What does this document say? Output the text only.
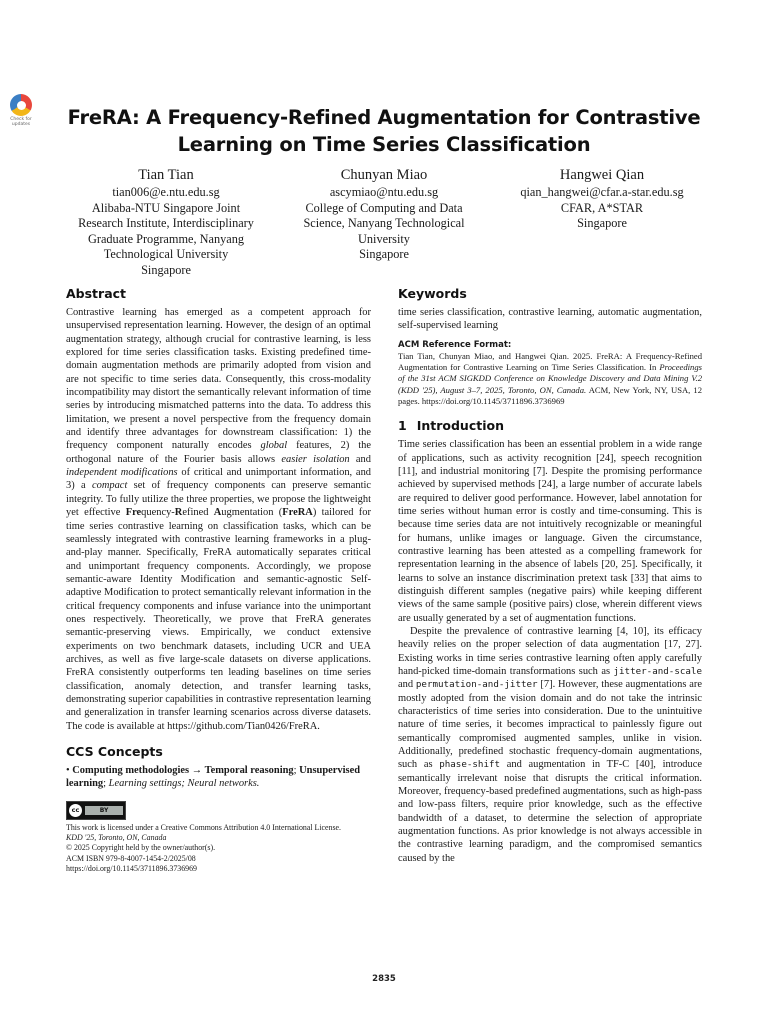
Check for
updates	FreRA: A Frequency-Refined Augmentation for Contrastive
Learning on Time Series Classification
Tian Tian
tian006@e.ntu.edu.sg
Alibaba-NTU Singapore Joint
Research Institute, Interdisciplinary
Graduate Programme, Nanyang
Technological University
Singapore
Chunyan Miao
ascymiao@ntu.edu.sg
College of Computing and Data
Science, Nanyang Technological
University
Singapore
Hangwei Qian
qian_hangwei@cfar.a-star.edu.sg
CFAR, A*STAR
Singapore
Abstract

Contrastive learning has emerged as a competent approach for unsupervised representation learning. However, the design of an optimal augmentation strategy, although crucial for contrastive learning, is less explored for time series classification tasks. Existing predefined time-domain augmentation methods are primarily adopted from vision and are not specific to time series data. Consequently, this cross-modality incompatibility may distort the semantically relevant information of time series by introducing mismatched patterns into the data. To address this limitation, we present a novel perspective from the frequency domain and identify three advantages for downstream classification: 1) the frequency component naturally encodes global features, 2) the orthogonal nature of the Fourier basis allows easier isolation and independent modifications of critical and unimportant information, and 3) a compact set of frequency components can preserve semantic integrity. To fully utilize the three properties, we propose the lightweight yet effective Frequency-Refined Augmentation (FreRA) tailored for time series contrastive learning on classification tasks, which can be seamlessly integrated with contrastive learning frameworks in a plug-and-play manner. Specifically, FreRA automatically separates critical and unimportant frequency components. Accordingly, we propose semantic-aware Identity Modification and semantic-agnostic Self-adaptive Modification to protect semantically relevant information in the critical frequency components and infuse variance into the unimportant ones respectively. Theoretically, we prove that FreRA generates semantic-preserving views. Empirically, we conduct extensive experiments on two benchmark datasets, including UCR and UEA archives, as well as five large-scale datasets on diverse applications. FreRA consistently outperforms ten leading baselines on time series classification, anomaly detection, and transfer learning tasks, demonstrating superior capabilities in contrastive representation learning and generalization in transfer learning scenarios across diverse datasets. The code is available at https://github.com/Tian0426/FreRA.

CCS Concepts

• Computing methodologies → Temporal reasoning; Unsupervised learning; Learning settings; Neural networks.

cc	BY
This work is licensed under a Creative Commons Attribution 4.0 International License.
KDD '25, Toronto, ON, Canada
© 2025 Copyright held by the owner/author(s).
ACM ISBN 979-8-4007-1454-2/2025/08
https://doi.org/10.1145/3711896.3736969
Keywords

time series classification, contrastive learning, automatic augmentation, self-supervised learning

ACM Reference Format:

Tian Tian, Chunyan Miao, and Hangwei Qian. 2025. FreRA: A Frequency-Refined Augmentation for Contrastive Learning on Time Series Classification. In Proceedings of the 31st ACM SIGKDD Conference on Knowledge Discovery and Data Mining V.2 (KDD '25), August 3–7, 2025, Toronto, ON, Canada. ACM, New York, NY, USA, 12 pages. https://doi.org/10.1145/3711896.3736969

1 Introduction

Time series classification has been an essential problem in a wide range of applications, such as activity recognition [24], speech recognition [11], and industrial monitoring [7]. Despite the promising performance achieved by supervised methods [24], a large number of accurate labels are required to deliver good performance. However, label annotation for time series without human error is costly and time-consuming. This is because time series data are not intuitively recognizable or meaningful for humans, unlike images or language. Given the circumstance, contrastive learning has been attested as a compelling framework for representation learning in the absence of labels [20, 25]. Specifically, it learns to solve an instance discrimination pretext task [33] that aims to distinguish different samples (negative pairs) while keeping different views of the same sample (positive pairs) close, wherein different views are usually generated by a set of augmentation functions.

Despite the prevalence of contrastive learning [4, 10], its efficacy heavily relies on the proper selection of data augmentation [17, 27]. Existing works in time series contrastive learning often apply carefully hand-picked time-domain transformations such as jitter-and-scale and permutation-and-jitter [7]. However, these augmentations are mostly adopted from the vision domain and do not take the intrinsic characteristics of time series into consideration. Due to the unintuitive nature of time series, it becomes impractical to painlessly figure out semantically compromised augmented samples, unlike in vision. Additionally, predefined stochastic frequency-domain augmentations, such as phase-shift and augmentation in TF-C [40], introduce semantically irrelevant noise that disrupts the critical information. Moreover, frequency-based predefined augmentations, such as high-pass and low-pass filters, require prior knowledge, such as the effective bandwidth of a dataset, to determine the selection of appropriate augmentation functions. As prior knowledge is not always accessible in the contrastive learning paradigm, and the compromised semantics caused by the

2835
